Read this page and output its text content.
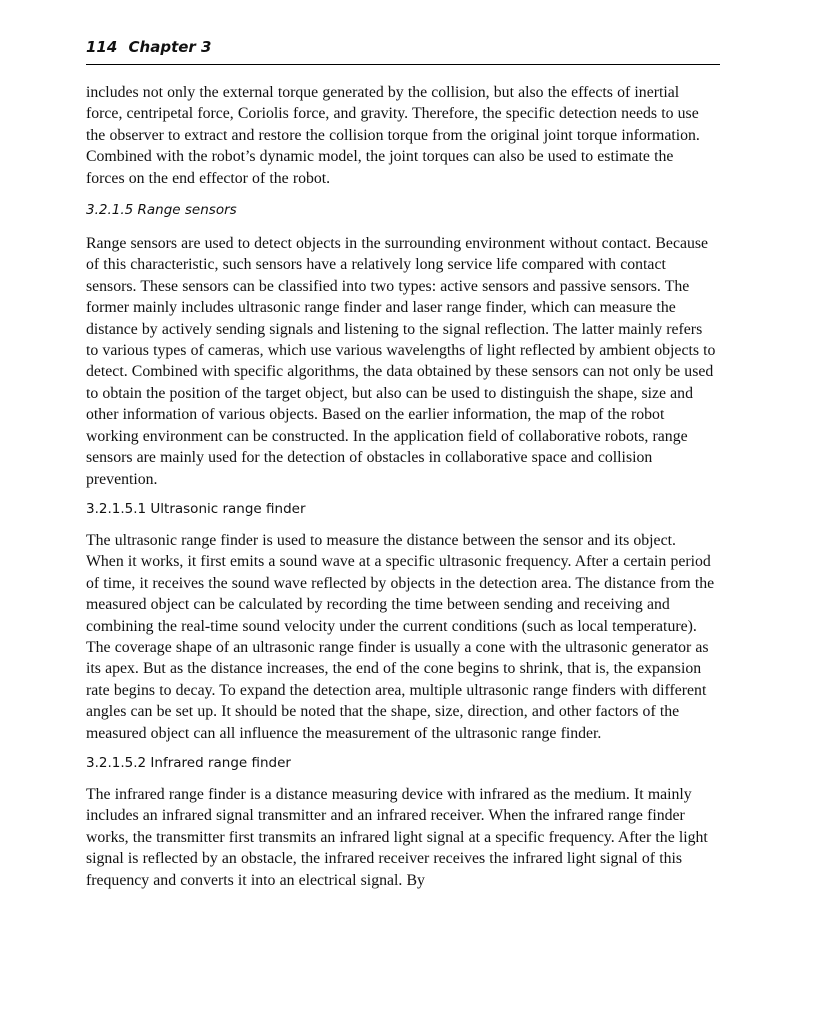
114 Chapter 3

includes not only the external torque generated by the collision, but also the effects of inertial force, centripetal force, Coriolis force, and gravity. Therefore, the specific detection needs to use the observer to extract and restore the collision torque from the original joint torque information. Combined with the robot’s dynamic model, the joint torques can also be used to estimate the forces on the end effector of the robot.

3.2.1.5 Range sensors

Range sensors are used to detect objects in the surrounding environment without contact. Because of this characteristic, such sensors have a relatively long service life compared with contact sensors. These sensors can be classified into two types: active sensors and passive sensors. The former mainly includes ultrasonic range finder and laser range finder, which can measure the distance by actively sending signals and listening to the signal reflection. The latter mainly refers to various types of cameras, which use various wavelengths of light reflected by ambient objects to detect. Combined with specific algorithms, the data obtained by these sensors can not only be used to obtain the position of the target object, but also can be used to distinguish the shape, size and other information of various objects. Based on the earlier information, the map of the robot working environment can be constructed. In the application field of collaborative robots, range sensors are mainly used for the detection of obstacles in collaborative space and collision prevention.

3.2.1.5.1 Ultrasonic range finder

The ultrasonic range finder is used to measure the distance between the sensor and its object. When it works, it first emits a sound wave at a specific ultrasonic frequency. After a certain period of time, it receives the sound wave reflected by objects in the detection area. The distance from the measured object can be calculated by recording the time between sending and receiving and combining the real-time sound velocity under the current conditions (such as local temperature). The coverage shape of an ultrasonic range finder is usually a cone with the ultrasonic generator as its apex. But as the distance increases, the end of the cone begins to shrink, that is, the expansion rate begins to decay. To expand the detection area, multiple ultrasonic range finders with different angles can be set up. It should be noted that the shape, size, direction, and other factors of the measured object can all influence the measurement of the ultrasonic range finder.

3.2.1.5.2 Infrared range finder

The infrared range finder is a distance measuring device with infrared as the medium. It mainly includes an infrared signal transmitter and an infrared receiver. When the infrared range finder works, the transmitter first transmits an infrared light signal at a specific frequency. After the light signal is reflected by an obstacle, the infrared receiver receives the infrared light signal of this frequency and converts it into an electrical signal. By
